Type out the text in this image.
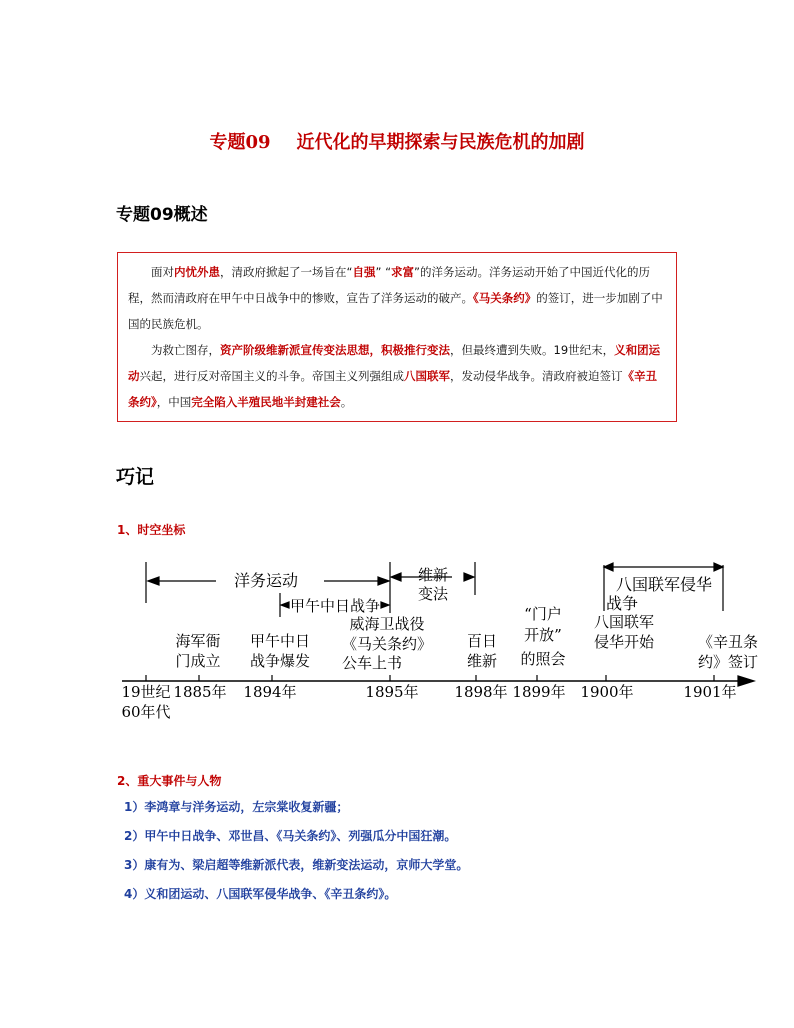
专题09 近代化的早期探索与民族危机的加剧
专题09概述

面对内忧外患，清政府掀起了一场旨在“自强” “求富”的洋务运动。洋务运动开始了中国近代化的历程，然而清政府在甲午中日战争中的惨败，宣告了洋务运动的破产。《马关条约》的签订，进一步加剧了中国的民族危机。

为救亡图存，资产阶级维新派宣传变法思想，积极推行变法，但最终遭到失败。19世纪末，义和团运动兴起，进行反对帝国主义的斗争。帝国主义列强组成八国联军，发动侵华战争。清政府被迫签订《辛丑条约》，中国完全陷入半殖民地半封建社会。

巧记
1、时空坐标
洋务运动
甲午中日战争
维新
变法	八国联军侵华
战争
海军衙
门成立
甲午中日
战争爆发
威海卫战役
《马关条约》
公车上书
百日
维新
“门户
开放”
的照会
八国联军
侵华开始	《辛丑条
约》签订
19世纪
60年代
1885年 1894年	1895年 1898年 1899年 1900年	1901年
2、重大事件与人物
1）李鸿章与洋务运动，左宗棠收复新疆；
2）甲午中日战争、邓世昌、《马关条约》、列强瓜分中国狂潮。
3）康有为、梁启超等维新派代表，维新变法运动，京师大学堂。
4）义和团运动、八国联军侵华战争、《辛丑条约》。
